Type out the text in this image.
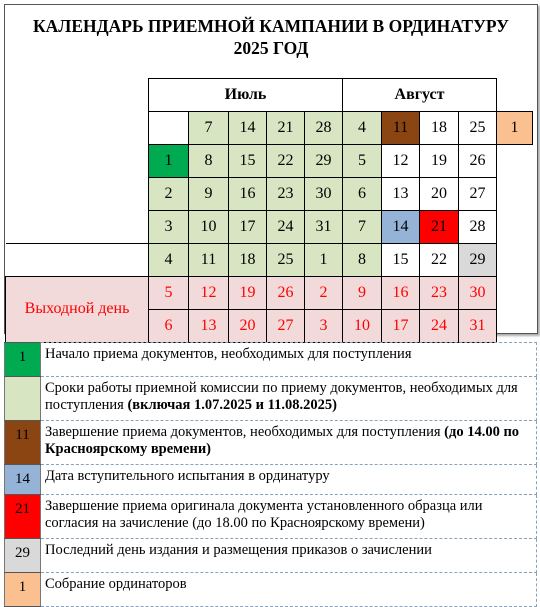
КАЛЕНДАРЬ ПРИЕМНОЙ КАМПАНИИ В ОРДИНАТУРУ
2025 ГОД
	Июль					Август				
		7	14	21	28	4	11	18	25	1
	1	8	15	22	29	5	12	19	26	
	2	9	16	23	30	6	13	20	27	
	3	10	17	24	31	7	14	21	28	
	4	11	18	25	1	8	15	22	29	
Выходной день	5	12	19	26	2	9	16	23	30	
	6	13	20	27	3	10	17	24	31	
1	Начало приема документов, необходимых для поступления
	Сроки работы приемной комиссии по приему документов, необходимых для поступления (включая 1.07.2025 и 11.08.2025)
11	Завершение приема документов, необходимых для поступления (до 14.00 по Красноярскому времени)
14	Дата вступительного испытания в ординатуру
21	Завершение приема оригинала документа установленного образца или согласия на зачисление (до 18.00 по Красноярскому времени)
29	Последний день издания и размещения приказов о зачислении
1	Собрание ординаторов
